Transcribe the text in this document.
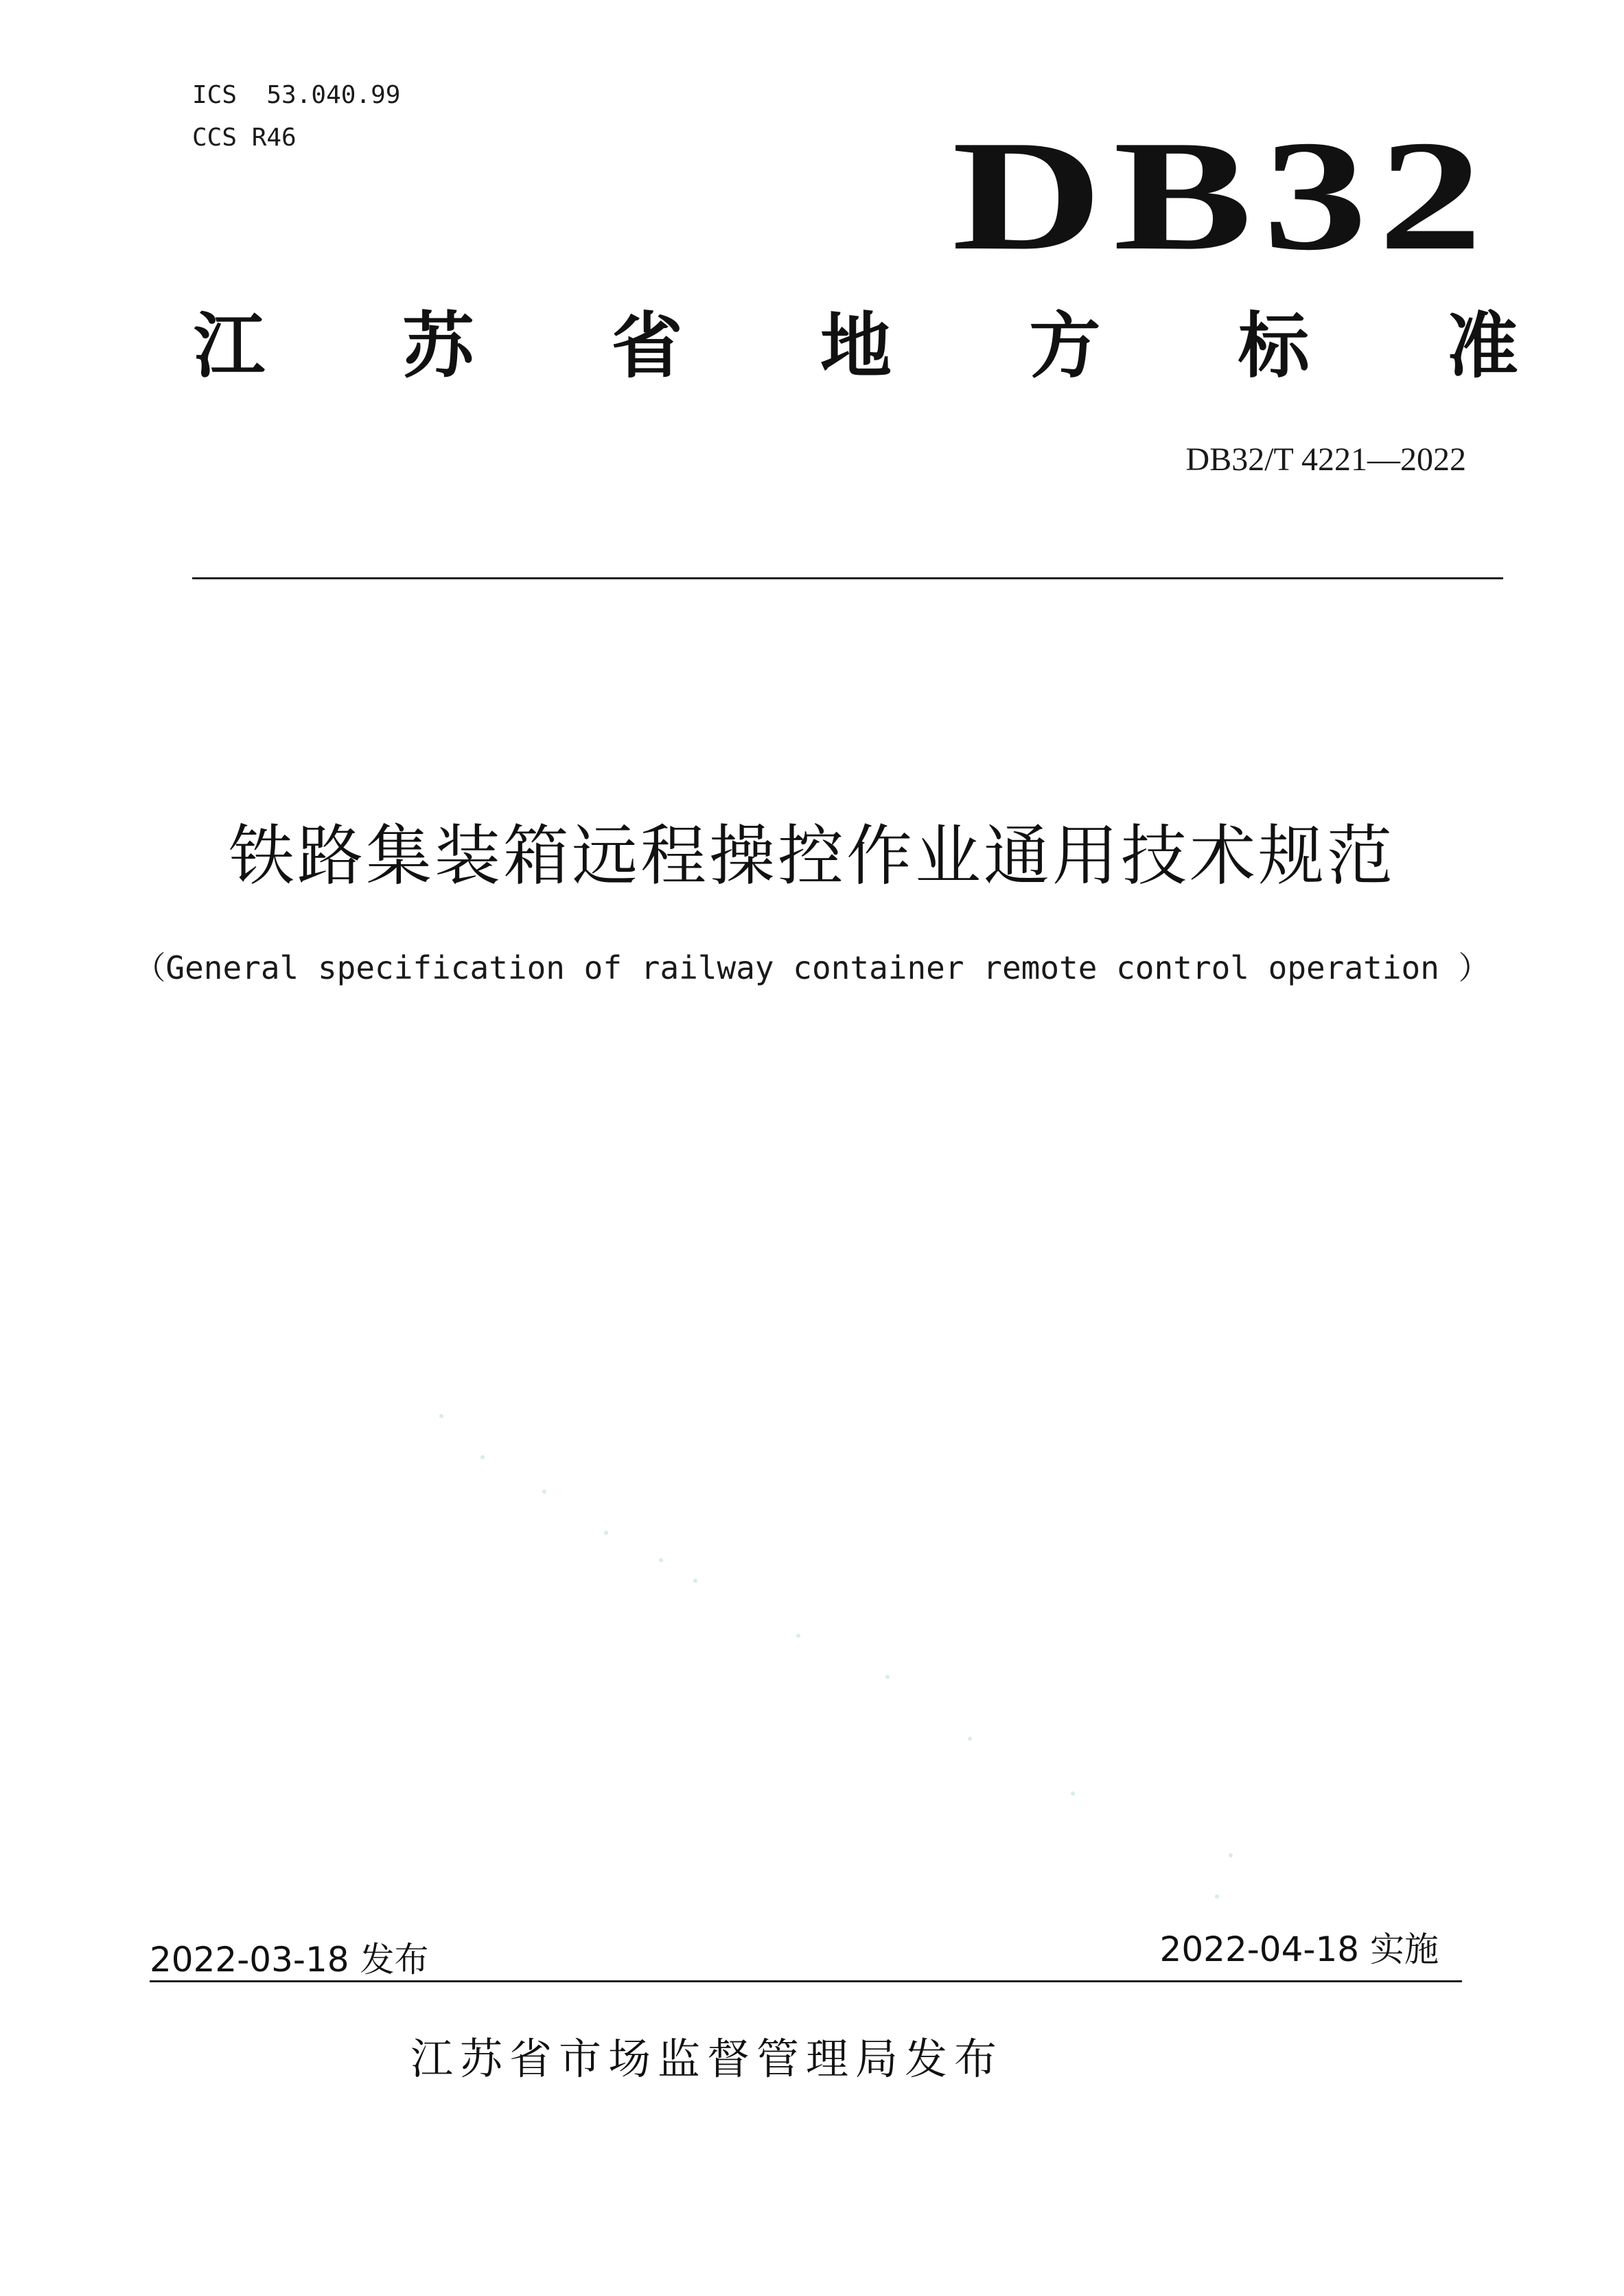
ICS  53.040.99
CCS R46	DB32
江 苏 省 地 方 标 准
DB32/T 4221—2022
铁路集装箱远程操控作业通用技术规范
（General specification of railway container remote control operation ）
2022-03-18 发布	2022-04-18 实施
江苏省市场监督管理局发布
